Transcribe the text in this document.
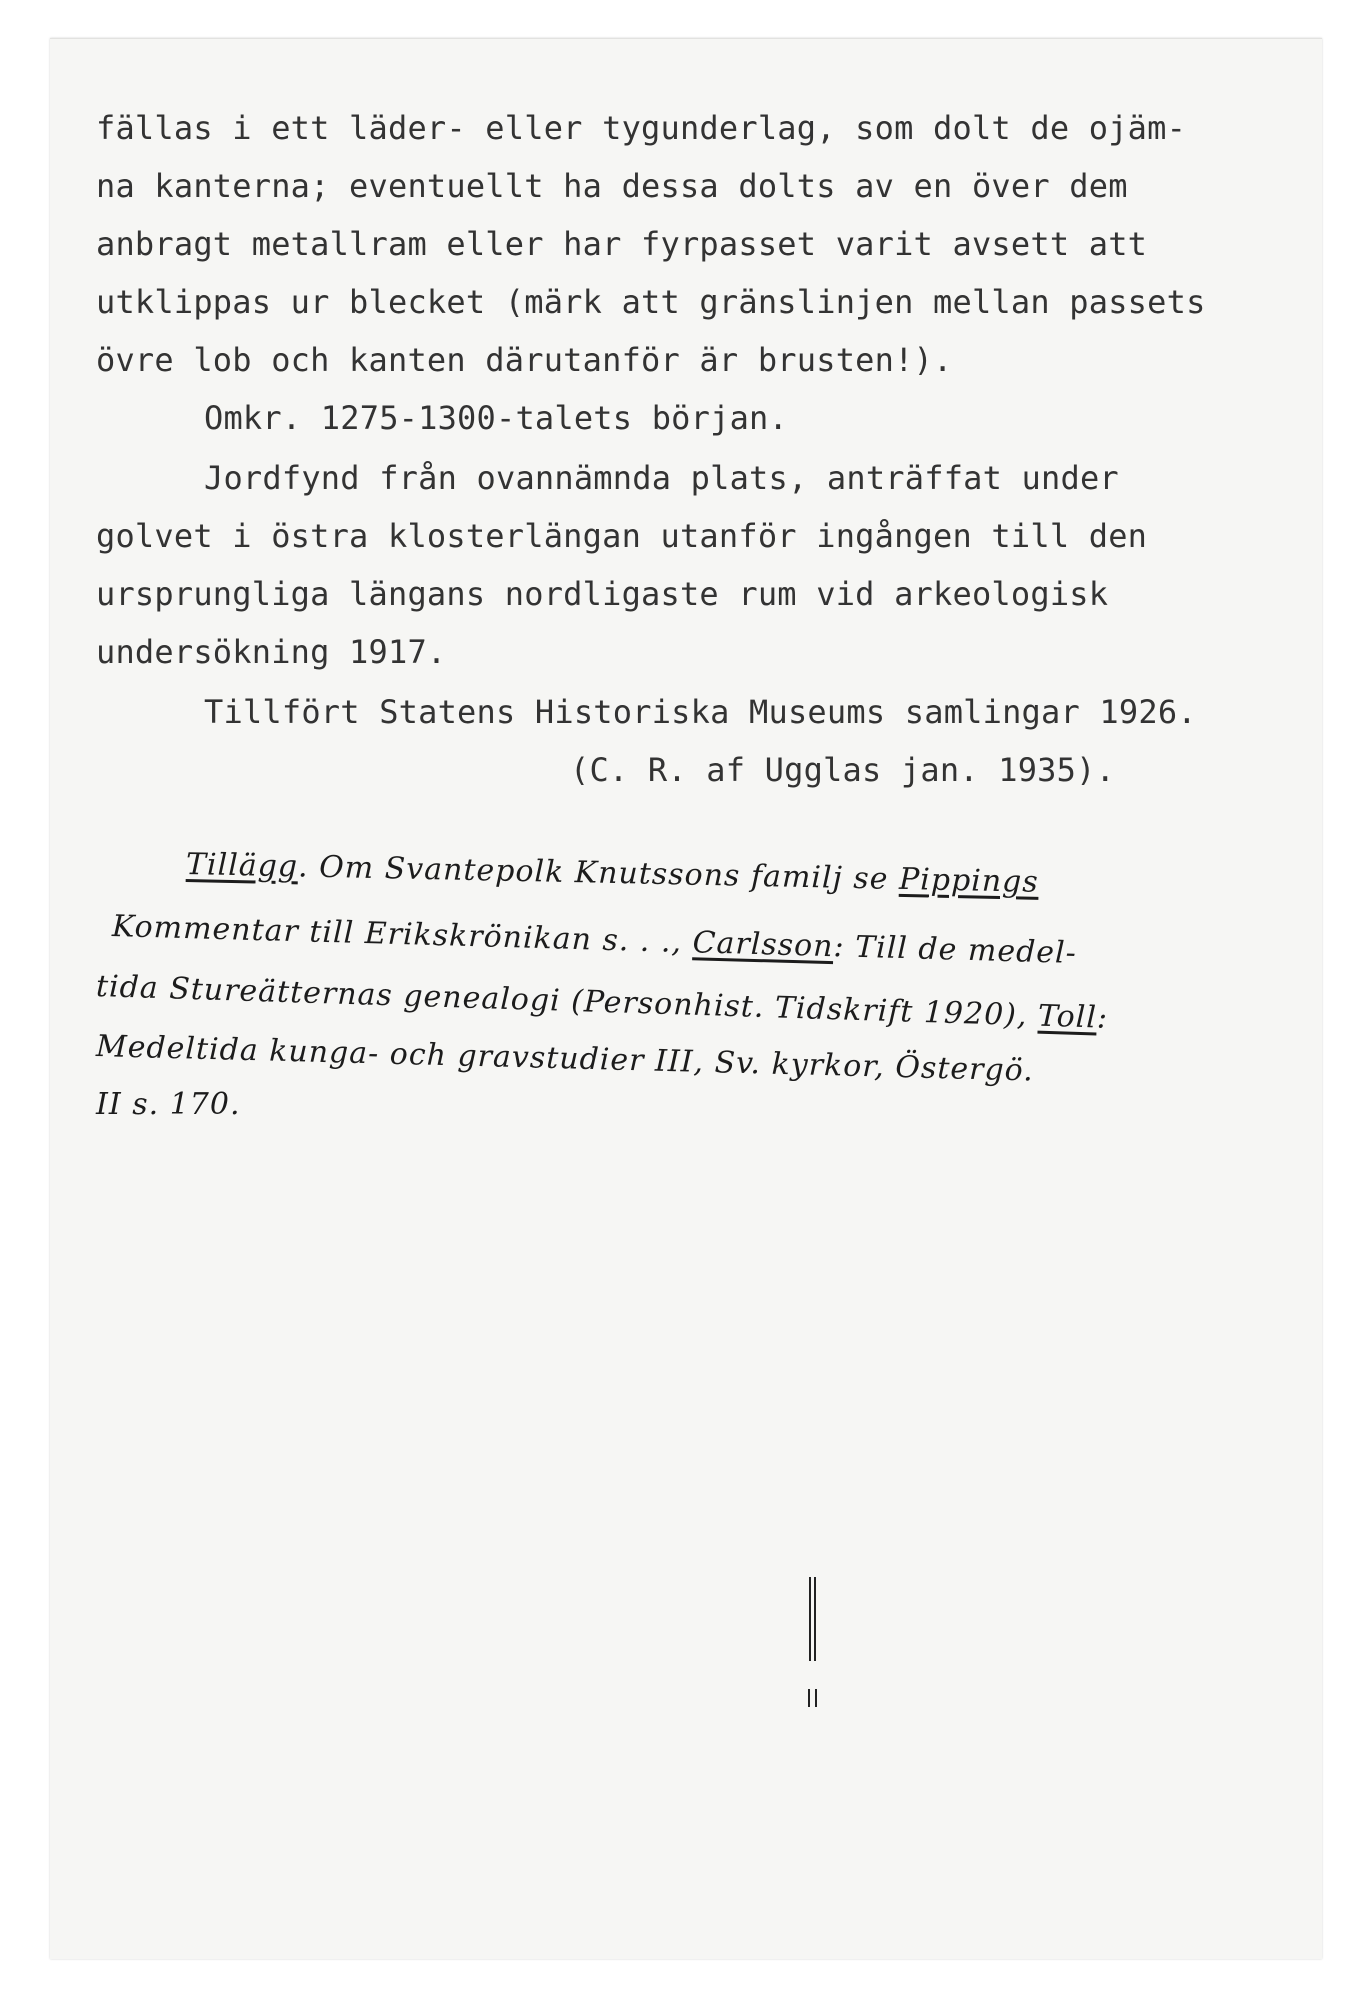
fällas i ett läder- eller tygunderlag, som dolt de ojäm-

na kanterna; eventuellt ha dessa dolts av en över dem

anbragt metallram eller har fyrpasset varit avsett att

utklippas ur blecket (märk att gränslinjen mellan passets

övre lob och kanten därutanför är brusten!).

Omkr. 1275-1300-talets början.

Jordfynd från ovannämnda plats, anträffat under

golvet i östra klosterlängan utanför ingången till den

ursprungliga längans nordligaste rum vid arkeologisk

undersökning 1917.

Tillfört Statens Historiska Museums samlingar 1926.

(C. R. af Ugglas jan. 1935).

Tillägg. Om Svantepolk Knutssons familj se Pippings

Kommentar till Erikskrönikan s. . ., Carlsson: Till de medel-

tida Stureätternas genealogi (Personhist. Tidskrift 1920), Toll:

Medeltida kunga- och gravstudier III, Sv. kyrkor, Östergö.

II s. 170.
